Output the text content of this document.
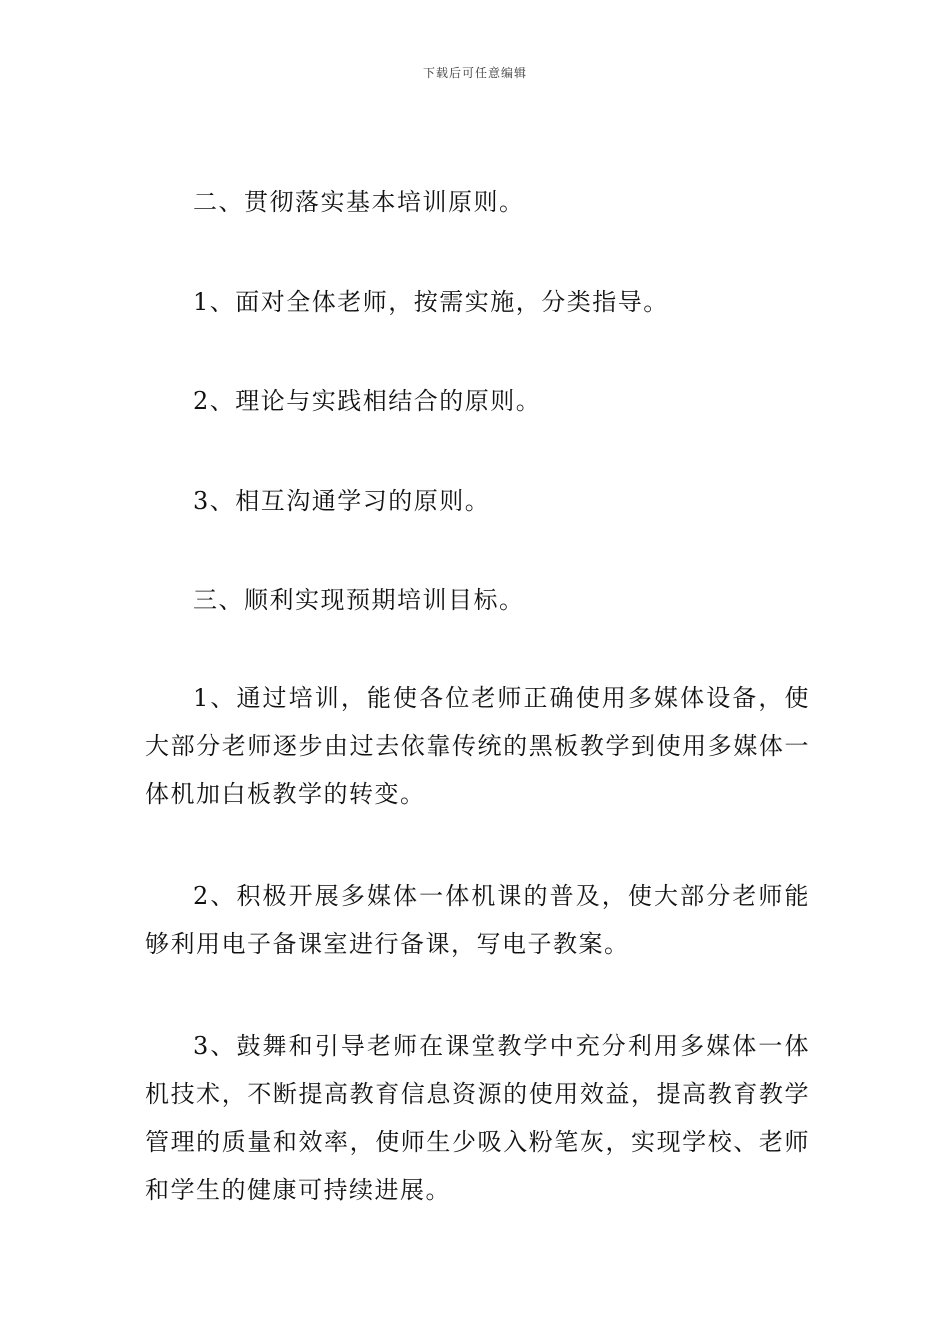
下载后可任意编辑

二、贯彻落实基本培训原则。

1、面对全体老师，按需实施，分类指导。

2、理论与实践相结合的原则。

3、相互沟通学习的原则。

三、顺利实现预期培训目标。

1、通过培训，能使各位老师正确使用多媒体设备，使大部分老师逐步由过去依靠传统的黑板教学到使用多媒体一体机加白板教学的转变。

2、积极开展多媒体一体机课的普及，使大部分老师能够利用电子备课室进行备课，写电子教案。

3、鼓舞和引导老师在课堂教学中充分利用多媒体一体机技术，不断提高教育信息资源的使用效益，提高教育教学管理的质量和效率，使师生少吸入粉笔灰，实现学校、老师和学生的健康可持续进展。
